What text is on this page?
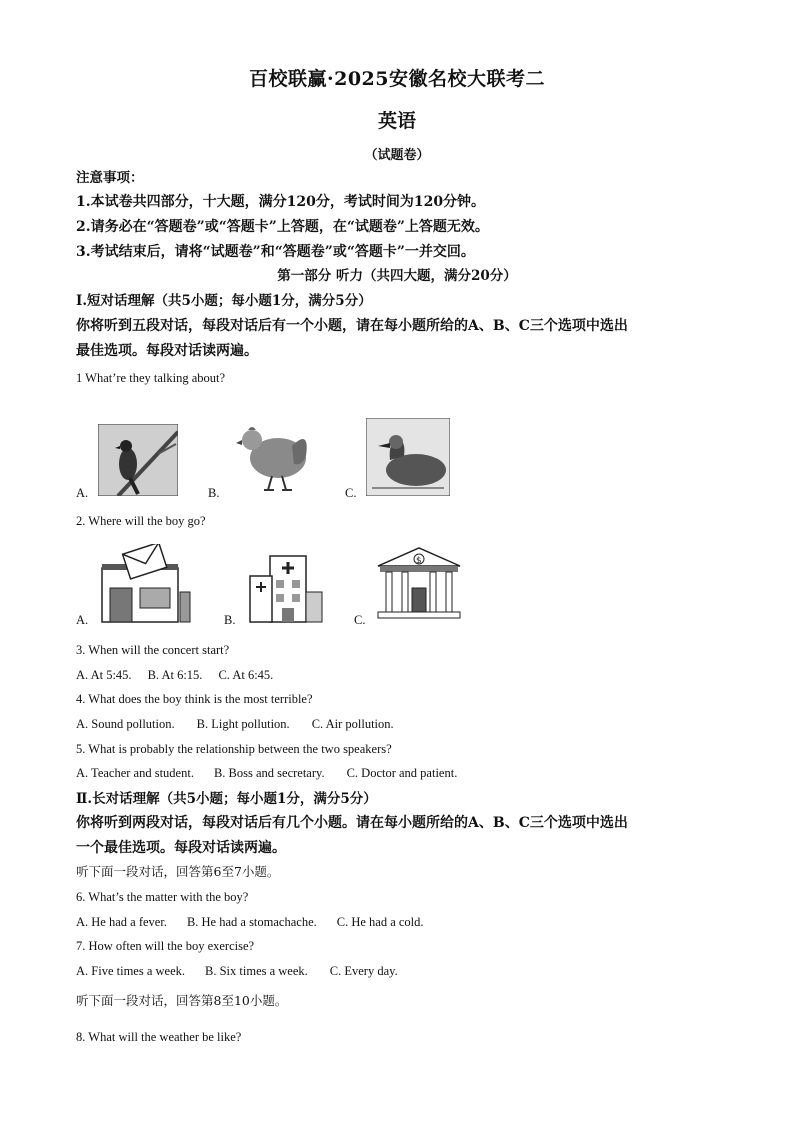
百校联赢·2025安徽名校大联考二
英语
（试题卷）
注意事项：
1.本试卷共四部分，十大题，满分120分，考试时间为120分钟。
2.请务必在“答题卷”或“答题卡”上答题，在“试题卷”上答题无效。
3.考试结束后，请将“试题卷”和“答题卷”或“答题卡”一并交回。
第一部分 听力（共四大题，满分20分）
Ⅰ.短对话理解（共5小题；每小题1分，满分5分）
你将听到五段对话，每段对话后有一个小题，请在每小题所给的A、B、C三个选项中选出
最佳选项。每段对话读两遍。
1 What’re they talking about?
A.	B.	C.
2. Where will the boy go?
A.	B.
$
C.
3. When will the concert start?
A. At 5:45. B. At 6:15. C. At 6:45.
4. What does the boy think is the most terrible?
A. Sound pollution. B. Light pollution. C. Air pollution.
5. What is probably the relationship between the two speakers?
A. Teacher and student. B. Boss and secretary. C. Doctor and patient.
Ⅱ.长对话理解（共5小题；每小题1分，满分5分）
你将听到两段对话，每段对话后有几个小题。请在每小题所给的A、B、C三个选项中选出
一个最佳选项。每段对话读两遍。
听下面一段对话，回答第6至7小题。
6. What’s the matter with the boy?
A. He had a fever. B. He had a stomachache. C. He had a cold.
7. How often will the boy exercise?
A. Five times a week. B. Six times a week. C. Every day.
听下面一段对话，回答第8至10小题。
8. What will the weather be like?
